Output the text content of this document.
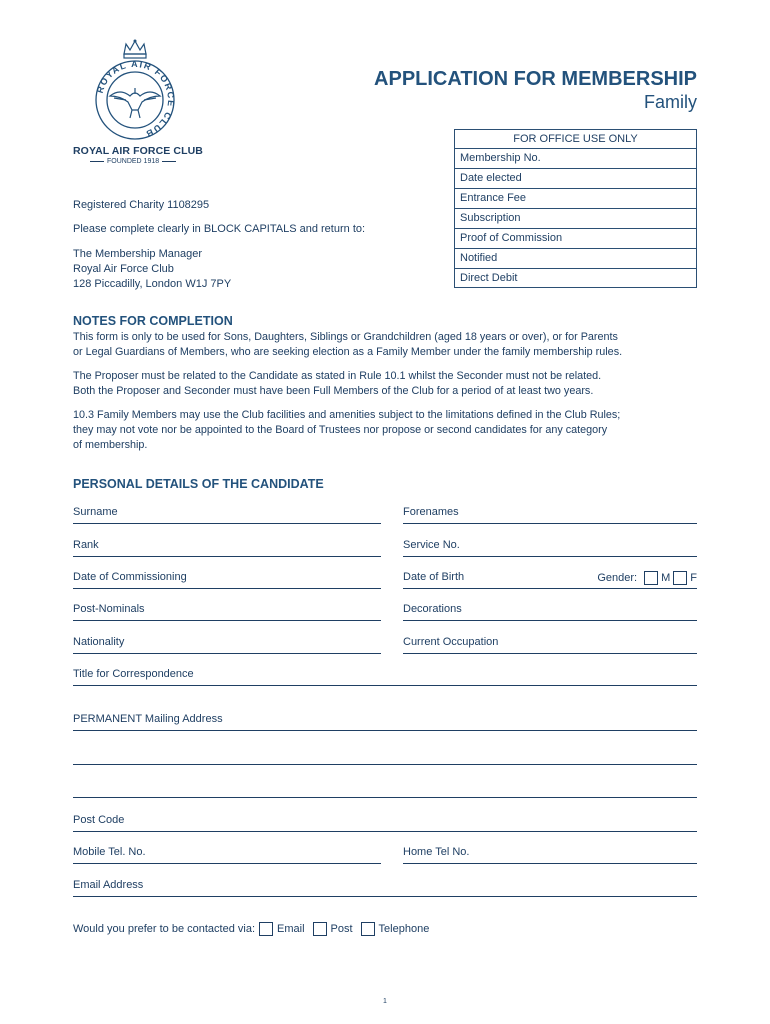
ROYAL AIR FORCE CLUB
ROYAL AIR FORCE CLUB
FOUNDED 1918
APPLICATION FOR MEMBERSHIP
Family
FOR OFFICE USE ONLY
Membership No.
Date elected
Entrance Fee
Subscription
Proof of Commission
Notified
Direct Debit
Registered Charity 1108295
Please complete clearly in BLOCK CAPITALS and return to:
The Membership Manager
Royal Air Force Club
128 Piccadilly, London W1J 7PY
NOTES FOR COMPLETION
This form is only to be used for Sons, Daughters, Siblings or Grandchildren (aged 18 years or over), or for Parents
or Legal Guardians of Members, who are seeking election as a Family Member under the family membership rules.
The Proposer must be related to the Candidate as stated in Rule 10.1 whilst the Seconder must not be related.
Both the Proposer and Seconder must have been Full Members of the Club for a period of at least two years.
10.3 Family Members may use the Club facilities and amenities subject to the limitations defined in the Club Rules;
they may not vote nor be appointed to the Board of Trustees nor propose or second candidates for any category
of membership.
PERSONAL DETAILS OF THE CANDIDATE
Surname	Forenames
Rank	Service No.
Date of Commissioning	Date of Birth	Gender: M F
Post-Nominals	Decorations
Nationality	Current Occupation
Title for Correspondence
PERMANENT Mailing Address
Post Code
Mobile Tel. No.	Home Tel No.
Email Address
Would you prefer to be contacted via: Email Post Telephone
1
